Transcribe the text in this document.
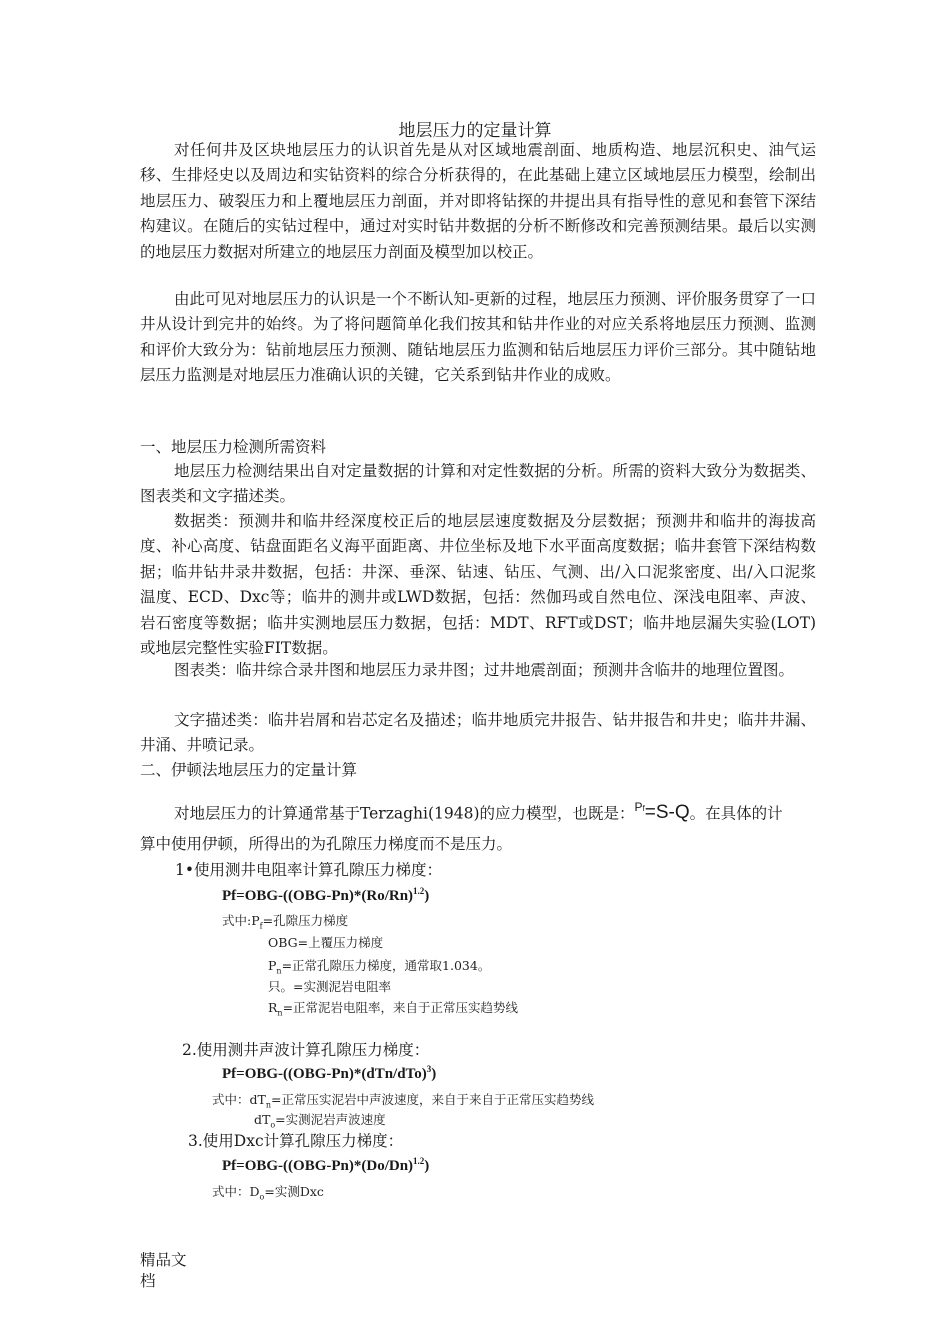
地层压力的定量计算

对任何井及区块地层压力的认识首先是从对区域地震剖面、地质构造、地层沉积史、油气运移、生排烃史以及周边和实钻资料的综合分析获得的，在此基础上建立区域地层压力模型，绘制出地层压力、破裂压力和上覆地层压力剖面，并对即将钻探的井提出具有指导性的意见和套管下深结构建议。在随后的实钻过程中，通过对实时钻井数据的分析不断修改和完善预测结果。最后以实测的地层压力数据对所建立的地层压力剖面及模型加以校正。

由此可见对地层压力的认识是一个不断认知-更新的过程，地层压力预测、评价服务贯穿了一口井从设计到完井的始终。为了将问题简单化我们按其和钻井作业的对应关系将地层压力预测、监测和评价大致分为：钻前地层压力预测、随钻地层压力监测和钻后地层压力评价三部分。其中随钻地层压力监测是对地层压力准确认识的关键，它关系到钻井作业的成败。

一、地层压力检测所需资料

地层压力检测结果出自对定量数据的计算和对定性数据的分析。所需的资料大致分为数据类、图表类和文字描述类。

数据类：预测井和临井经深度校正后的地层层速度数据及分层数据；预测井和临井的海拔高度、补心高度、钻盘面距名义海平面距离、井位坐标及地下水平面高度数据；临井套管下深结构数据；临井钻井录井数据，包括：井深、垂深、钻速、钻压、气测、出/入口泥浆密度、出/入口泥浆温度、ECD、Dxc等；临井的测井或LWD数据，包括：然伽玛或自然电位、深浅电阻率、声波、岩石密度等数据；临井实测地层压力数据，包括：MDT、RFT或DST；临井地层漏失实验(LOT)或地层完整性实验FIT数据。

图表类：临井综合录井图和地层压力录井图；过井地震剖面；预测井含临井的地理位置图。

文字描述类：临井岩屑和岩芯定名及描述；临井地质完井报告、钻井报告和井史；临井井漏、井涌、井喷记录。

二、伊顿法地层压力的定量计算
对地层压力的计算通常基于Terzaghi(1948)的应力模型，也既是：$^{Pf}$=S-Q。在具体的计
算中使用伊顿，所得出的为孔隙压力梯度而不是压力。
1•使用测井电阻率计算孔隙压力梯度：
$Pf=OBG-((OBG-Pn)*(Ro/Rn)^{1.2})$
式中$:P_f=$孔隙压力梯度
OBG=上覆压力梯度
$P_n=$正常孔隙压力梯度，通常取1.034。
只。=实测泥岩电阻率
$R_n=$正常泥岩电阻率，来自于正常压实趋势线
2.使用测井声波计算孔隙压力梯度：
$Pf=OBG-((OBG-Pn)*(dTn/dTo)^3)$
式中：$dT_n=$正常压实泥岩中声波速度，来自于来自于正常压实趋势线
$dT_o=$实测泥岩声波速度
3.使用Dxc计算孔隙压力梯度：
$Pf=OBG-((OBG-Pn)*(Do/Dn)^{1.2})$
式中：$D_o=$实测Dxc
精品文档
